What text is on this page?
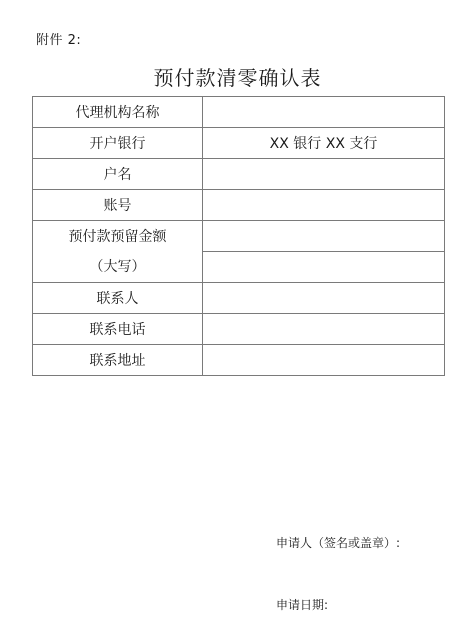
附件 2:
预付款清零确认表
代理机构名称	
开户银行	XX 银行 XX 支行
户名	
账号	

预付款预留金额
（大写）	

联系人	
联系电话	
联系地址	
申请人（签名或盖章）:
申请日期:
